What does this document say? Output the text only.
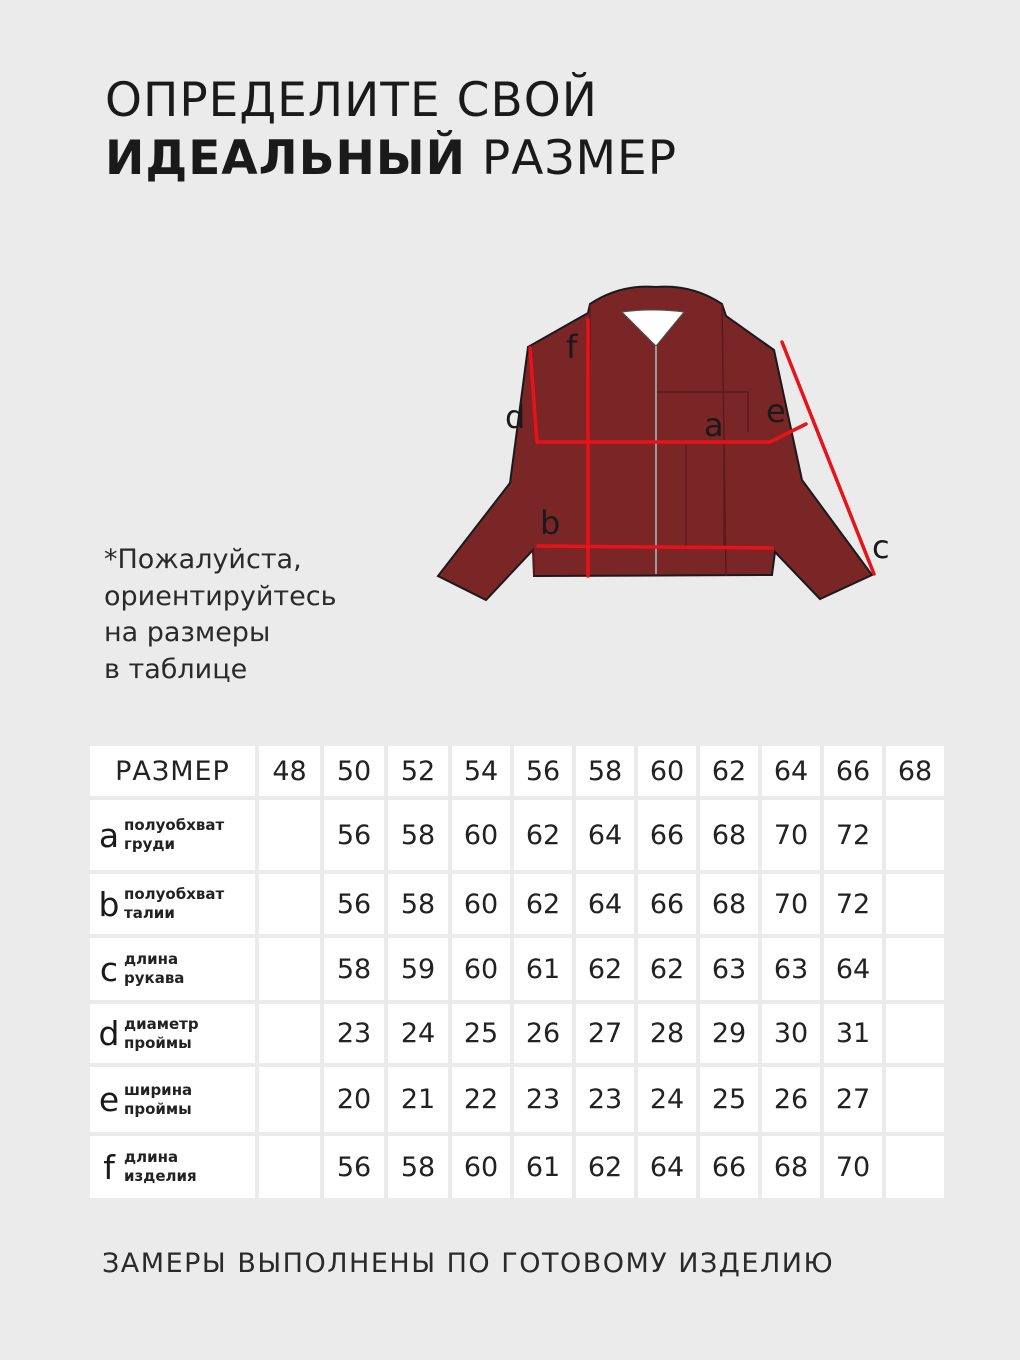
ОПРЕДЕЛИТЕ СВОЙ
ИДЕАЛЬНЫЙ РАЗМЕР
f
d	a e
b
c
*Пожалуйста,
ориентируйтесь
на размеры
в таблице
РАЗМЕР	48	50	52	54	56	58	60	62	64	66	68

a полуобхват
груди		56	58	60	62	64	66	68	70	72	

b полуобхват
талии		56	58	60	62	64	66	68	70	72	

c длина
рукава		58	59	60	61	62	62	63	63	64	

d диаметр
проймы		23	24	25	26	27	28	29	30	31	

e ширина
проймы		20	21	22	23	23	24	25	26	27	

f длина
изделия		56	58	60	61	62	64	66	68	70	
ЗАМЕРЫ ВЫПОЛНЕНЫ ПО ГОТОВОМУ ИЗДЕЛИЮ
